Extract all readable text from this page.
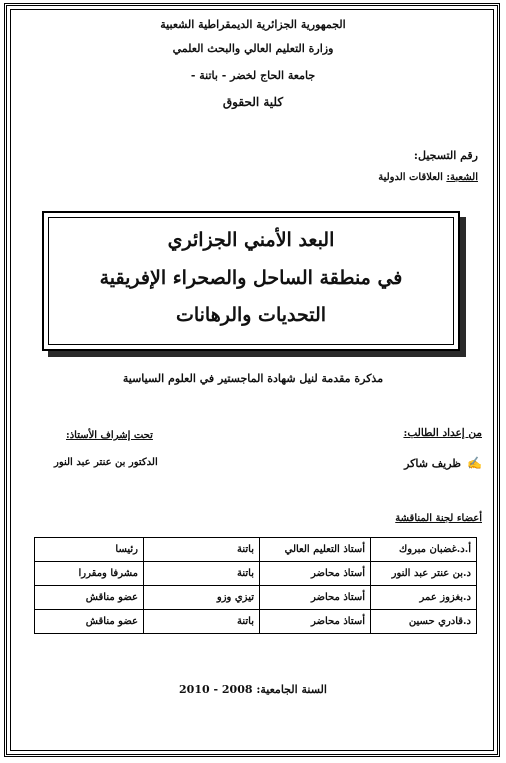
الجمهورية الجزائرية الديمقراطية الشعبية
وزارة التعليم العالي والبحث العلمي
جامعة الحاج لخضر - باتنة -
كلية الحقوق
رقم التسجيل:
الشعبة: العلاقات الدولية
البعد الأمني الجزائري
في منطقة الساحل والصحراء الإفريقية
التحديات والرهانات
مذكرة مقدمة لنيل شهادة الماجستير في العلوم السياسية
من إعداد الطالب:
✍ظريف شاكر
تحت إشراف الأستاذ:
الدكتور بن عنتر عبد النور
أعضاء لجنة المناقشة
أ.د.غضبان مبروك	أستاذ التعليم العالي	باتنة	رئيسا
د.بن عنتر عبد النور	أستاذ محاضر	باتنة	مشرفا ومقررا
د.بغزوز عمر	أستاذ محاضر	تيزي وزو	عضو مناقش
د.قادري حسين	أستاذ محاضر	باتنة	عضو مناقش
السنة الجامعية: 2008 - 2010
